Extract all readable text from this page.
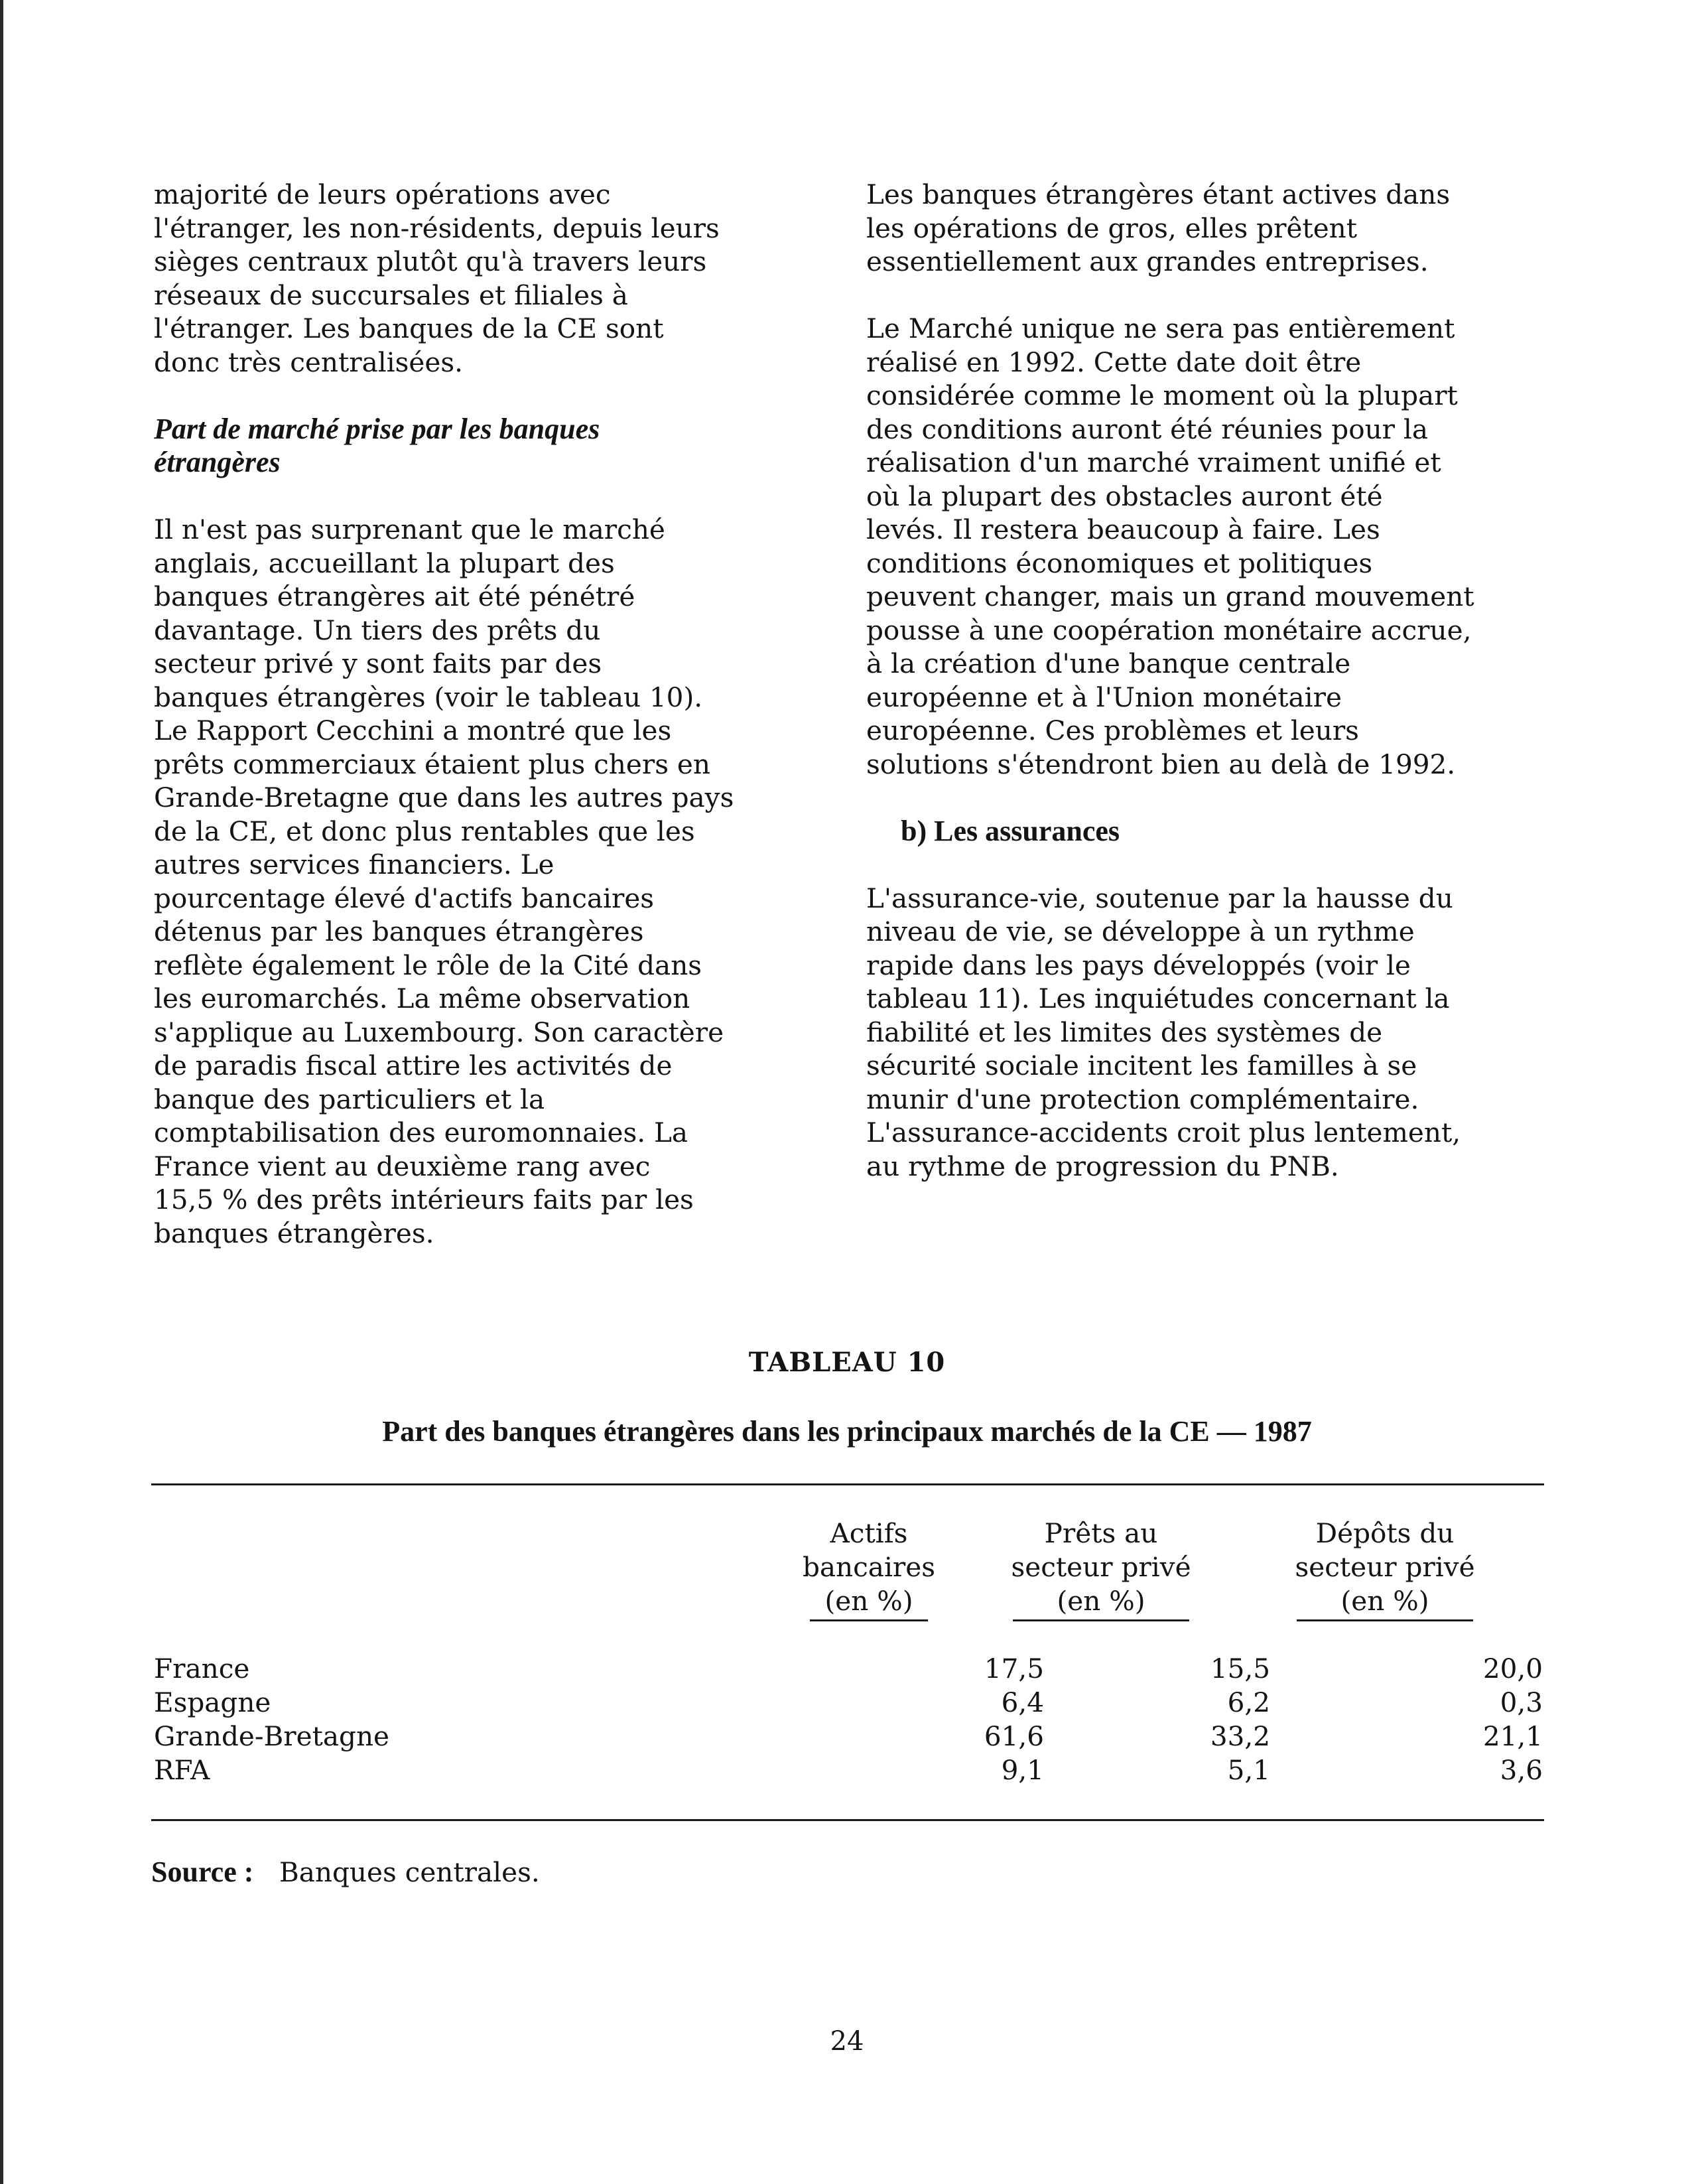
majorité de leurs opérations avec
l'étranger, les non-résidents, depuis leurs
sièges centraux plutôt qu'à travers leurs
réseaux de succursales et filiales à
l'étranger. Les banques de la CE sont
donc très centralisées.
Part de marché prise par les banques
étrangères
Il n'est pas surprenant que le marché
anglais, accueillant la plupart des
banques étrangères ait été pénétré
davantage. Un tiers des prêts du
secteur privé y sont faits par des
banques étrangères (voir le tableau 10).
Le Rapport Cecchini a montré que les
prêts commerciaux étaient plus chers en
Grande-Bretagne que dans les autres pays
de la CE, et donc plus rentables que les
autres services financiers. Le
pourcentage élevé d'actifs bancaires
détenus par les banques étrangères
reflète également le rôle de la Cité dans
les euromarchés. La même observation
s'applique au Luxembourg. Son caractère
de paradis fiscal attire les activités de
banque des particuliers et la
comptabilisation des euromonnaies. La
France vient au deuxième rang avec
15,5 % des prêts intérieurs faits par les
banques étrangères.
Les banques étrangères étant actives dans
les opérations de gros, elles prêtent
essentiellement aux grandes entreprises.
Le Marché unique ne sera pas entièrement
réalisé en 1992. Cette date doit être
considérée comme le moment où la plupart
des conditions auront été réunies pour la
réalisation d'un marché vraiment unifié et
où la plupart des obstacles auront été
levés. Il restera beaucoup à faire. Les
conditions économiques et politiques
peuvent changer, mais un grand mouvement
pousse à une coopération monétaire accrue,
à la création d'une banque centrale
européenne et à l'Union monétaire
européenne. Ces problèmes et leurs
solutions s'étendront bien au delà de 1992.
b) Les assurances
L'assurance-vie, soutenue par la hausse du
niveau de vie, se développe à un rythme
rapide dans les pays développés (voir le
tableau 11). Les inquiétudes concernant la
fiabilité et les limites des systèmes de
sécurité sociale incitent les familles à se
munir d'une protection complémentaire.
L'assurance-accidents croit plus lentement,
au rythme de progression du PNB.
TABLEAU 10
Part des banques étrangères dans les principaux marchés de la CE — 1987
Actifs
bancaires
(en %)
Prêts au
secteur privé
(en %)
Dépôts du
secteur privé
(en %)
France	17,5	15,5	20,0
Espagne	6,4	6,2	0,3
Grande-Bretagne	61,6	33,2	21,1
RFA	9,1	5,1	3,6
Source : Banques centrales.
24
